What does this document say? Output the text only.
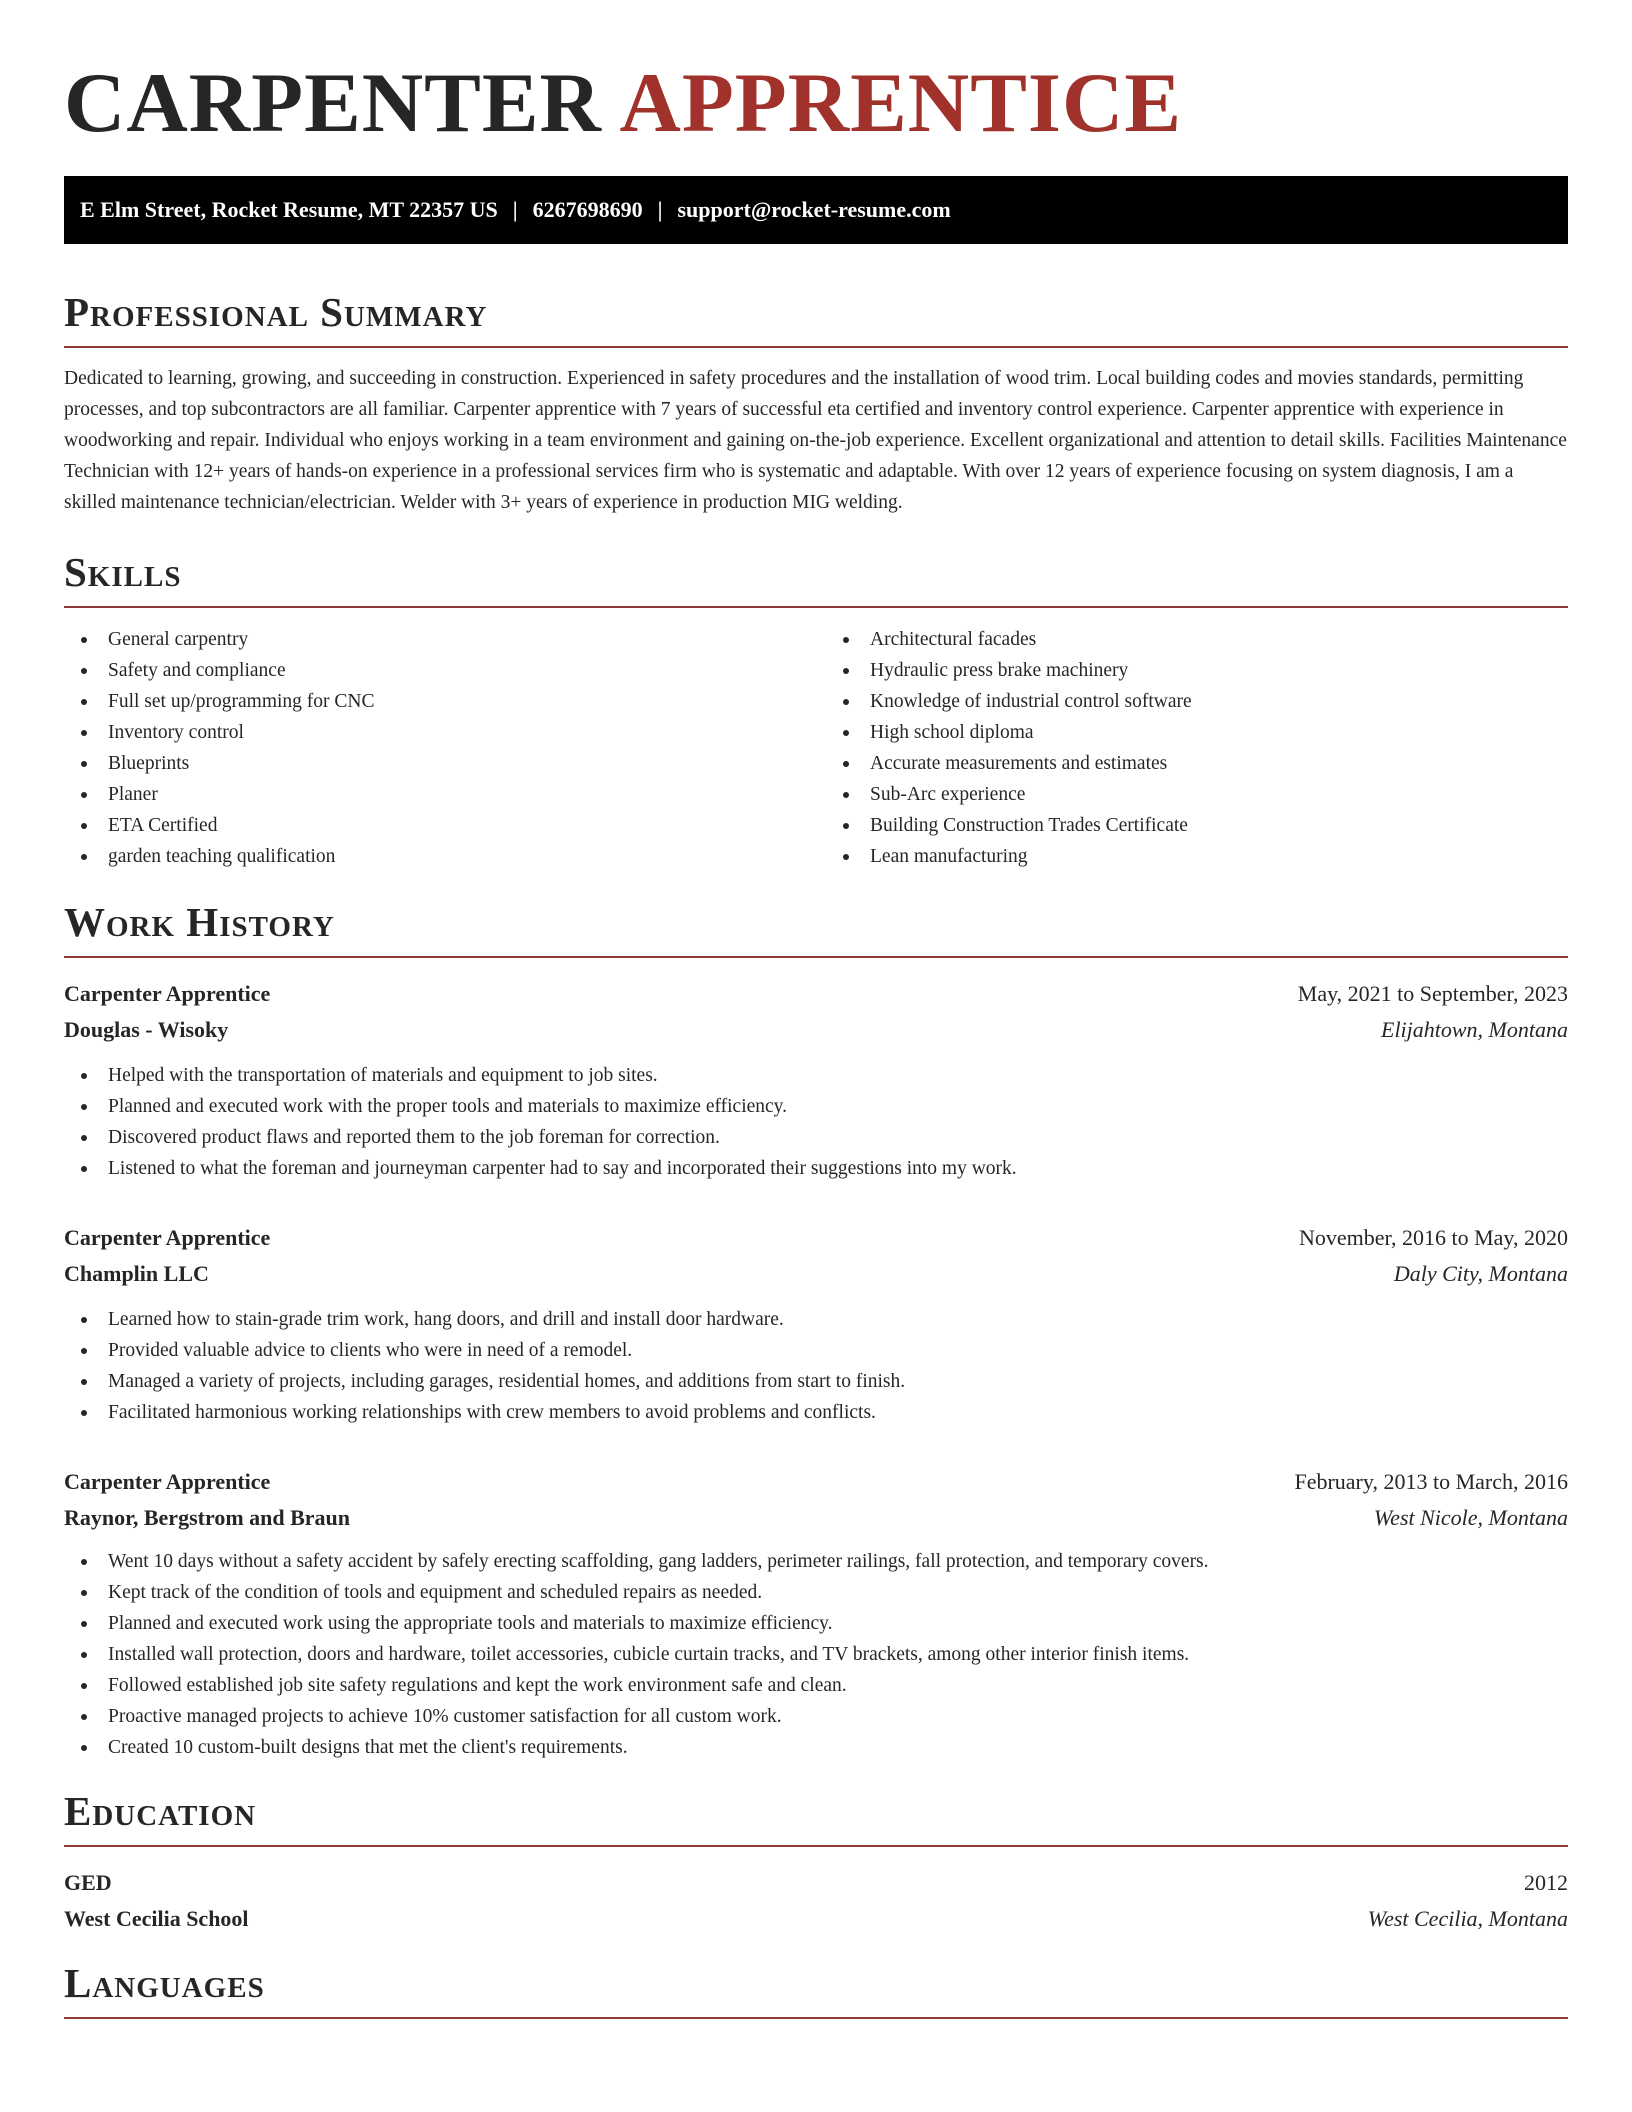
CARPENTER APPRENTICE
E Elm Street, Rocket Resume, MT 22357 US | 6267698690 | support@rocket-resume.com
Professional Summary

Dedicated to learning, growing, and succeeding in construction. Experienced in safety procedures and the installation of wood trim. Local building codes and movies standards, permitting processes, and top subcontractors are all familiar. Carpenter apprentice with 7 years of successful eta certified and inventory control experience. Carpenter apprentice with experience in woodworking and repair. Individual who enjoys working in a team environment and gaining on-the-job experience. Excellent organizational and attention to detail skills. Facilities Maintenance Technician with 12+ years of hands-on experience in a professional services firm who is systematic and adaptable. With over 12 years of experience focusing on system diagnosis, I am a skilled maintenance technician/electrician. Welder with 3+ years of experience in production MIG welding.

Skills
General carpentry
Safety and compliance
Full set up/programming for CNC
Inventory control
Blueprints
Planer
ETA Certified
garden teaching qualification
Architectural facades
Hydraulic press brake machinery
Knowledge of industrial control software
High school diploma
Accurate measurements and estimates
Sub-Arc experience
Building Construction Trades Certificate
Lean manufacturing
Work History
Carpenter Apprentice	May, 2021 to September, 2023
Douglas - Wisoky	Elijahtown, Montana
Helped with the transportation of materials and equipment to job sites.
Planned and executed work with the proper tools and materials to maximize efficiency.
Discovered product flaws and reported them to the job foreman for correction.
Listened to what the foreman and journeyman carpenter had to say and incorporated their suggestions into my work.
Carpenter Apprentice	November, 2016 to May, 2020
Champlin LLC	Daly City, Montana
Learned how to stain-grade trim work, hang doors, and drill and install door hardware.
Provided valuable advice to clients who were in need of a remodel.
Managed a variety of projects, including garages, residential homes, and additions from start to finish.
Facilitated harmonious working relationships with crew members to avoid problems and conflicts.
Carpenter Apprentice	February, 2013 to March, 2016
Raynor, Bergstrom and Braun	West Nicole, Montana
Went 10 days without a safety accident by safely erecting scaffolding, gang ladders, perimeter railings, fall protection, and temporary covers.
Kept track of the condition of tools and equipment and scheduled repairs as needed.
Planned and executed work using the appropriate tools and materials to maximize efficiency.
Installed wall protection, doors and hardware, toilet accessories, cubicle curtain tracks, and TV brackets, among other interior finish items.
Followed established job site safety regulations and kept the work environment safe and clean.
Proactive managed projects to achieve 10% customer satisfaction for all custom work.
Created 10 custom-built designs that met the client's requirements.
Education
GED	2012
West Cecilia School	West Cecilia, Montana
Languages
